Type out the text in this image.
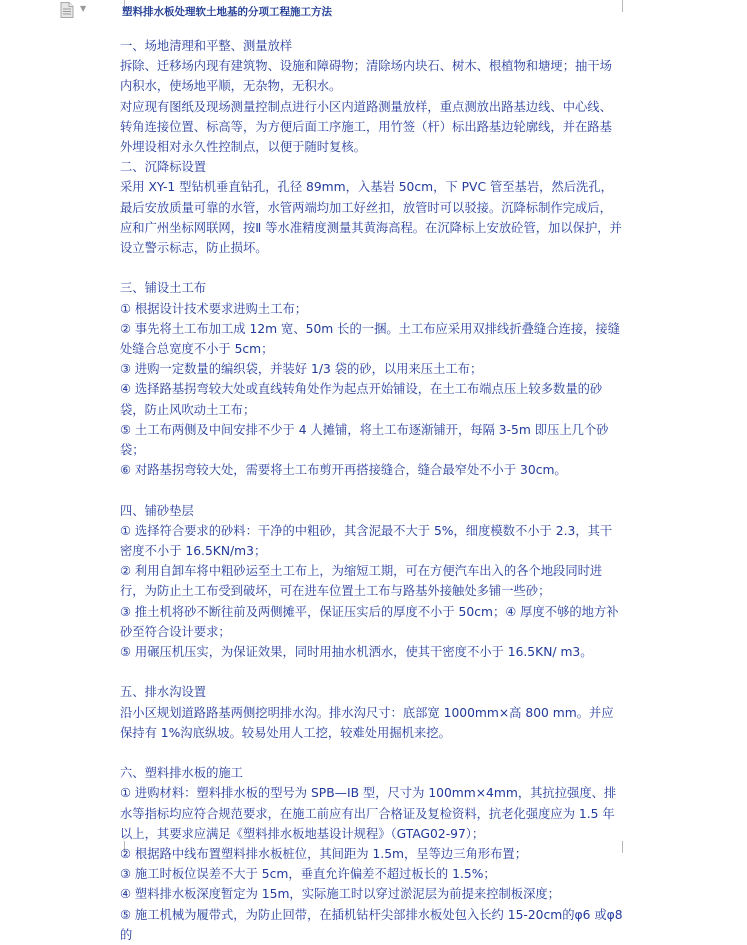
▼	塑料排水板处理软土地基的分项工程施工方法

一、场地清理和平整、测量放样

拆除、迁移场内现有建筑物、设施和障碍物；清除场内块石、树木、根植物和塘埂；抽干场内积水，使场地平顺，无杂物，无积水。

对应现有图纸及现场测量控制点进行小区内道路测量放样，重点测放出路基边线、中心线、转角连接位置、标高等，为方便后面工序施工，用竹签（杆）标出路基边轮廓线，并在路基外埋设相对永久性控制点，以便于随时复核。

二、沉降标设置

采用 XY-1 型钻机垂直钻孔，孔径 89mm，入基岩 50cm，下 PVC 管至基岩，然后洗孔，最后安放质量可靠的水管，水管两端均加工好丝扣，放管时可以驳接。沉降标制作完成后，应和广州坐标网联网，按Ⅱ 等水准精度测量其黄海高程。在沉降标上安放砼管，加以保护，并设立警示标志，防止损坏。

三、铺设土工布

① 根据设计技术要求进购土工布；

② 事先将土工布加工成 12m 宽、50m 长的一捆。土工布应采用双排线折叠缝合连接，接缝处缝合总宽度不小于 5cm；

③ 进购一定数量的编织袋，并装好 1/3 袋的砂，以用来压土工布；

④ 选择路基拐弯较大处或直线转角处作为起点开始铺设，在土工布端点压上较多数量的砂袋，防止风吹动土工布；

⑤ 土工布两侧及中间安排不少于 4 人摊铺，将土工布逐渐铺开，每隔 3-5m 即压上几个砂袋；

⑥ 对路基拐弯较大处，需要将土工布剪开再搭接缝合，缝合最窄处不小于 30cm。

四、铺砂垫层

① 选择符合要求的砂料：干净的中粗砂，其含泥最不大于 5%，细度模数不小于 2.3，其干密度不小于 16.5KN/m3；

② 利用自卸车将中粗砂运至土工布上，为缩短工期，可在方便汽车出入的各个地段同时进行，为防止土工布受到破坏，可在进车位置土工布与路基外接触处多铺一些砂；

③ 推土机将砂不断往前及两侧摊平，保证压实后的厚度不小于 50cm；④ 厚度不够的地方补砂至符合设计要求；

⑤ 用碾压机压实，为保证效果，同时用抽水机洒水，使其干密度不小于 16.5KN/ m3。

五、排水沟设置

沿小区规划道路路基两侧挖明排水沟。排水沟尺寸：底部宽 1000mm×高 800 mm。并应保持有 1%沟底纵坡。较易处用人工挖，较难处用掘机来挖。

六、塑料排水板的施工

① 进购材料：塑料排水板的型号为 SPB—IB 型，尺寸为 100mm×4mm，其抗拉强度、排水等指标均应符合规范要求，在施工前应有出厂合格证及复检资料，抗老化强度应为 1.5 年以上，其要求应满足《塑料排水板地基设计规程》（GTAG02-97）；

② 根据路中线布置塑料排水板桩位，其间距为 1.5m，呈等边三角形布置；

③ 施工时板位误差不大于 5cm，垂直允许偏差不超过板长的 1.5%；

④ 塑料排水板深度暂定为 15m，实际施工时以穿过淤泥层为前提来控制板深度；

⑤ 施工机械为履带式，为防止回带，在插机钻杆尖部排水板处包入长约 15-20cm的φ6 或φ8 的
